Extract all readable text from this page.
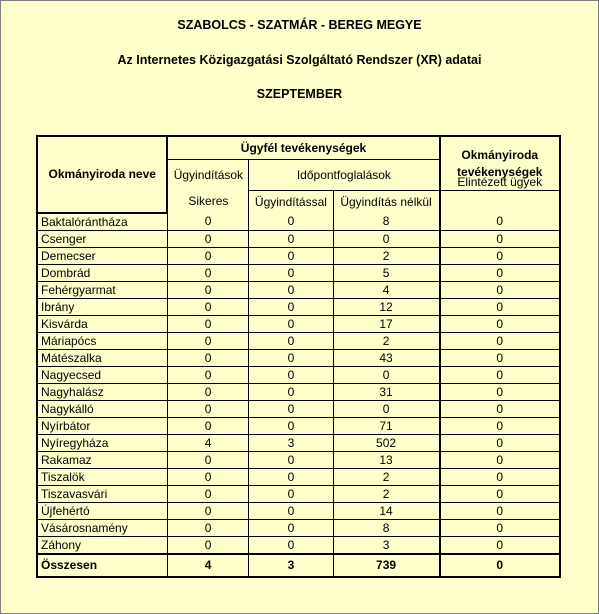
SZABOLCS - SZATMÁR - BEREG MEGYE
Az Internetes Közigazgatási Szolgáltató Rendszer (XR) adatai
SZEPTEMBER
Okmányiroda neve	Ügyfél tevékenységek			Okmányiroda tevékenységek
	Ügyindítások	Időpontfoglalások		
	Sikeres	Ügyindítással	Ügyindítás nélkül	Elintézett ügyek
Baktalórántháza	0	0	8	0
Csenger	0	0	0	0
Demecser	0	0	2	0
Dombrád	0	0	5	0
Fehérgyarmat	0	0	4	0
Ibrány	0	0	12	0
Kisvárda	0	0	17	0
Máriapócs	0	0	2	0
Mátészalka	0	0	43	0
Nagyecsed	0	0	0	0
Nagyhalász	0	0	31	0
Nagykálló	0	0	0	0
Nyírbátor	0	0	71	0
Nyíregyháza	4	3	502	0
Rakamaz	0	0	13	0
Tiszalök	0	0	2	0
Tiszavasvári	0	0	2	0
Újfehértó	0	0	14	0
Vásárosnamény	0	0	8	0
Záhony	0	0	3	0
Összesen	4	3	739	0
